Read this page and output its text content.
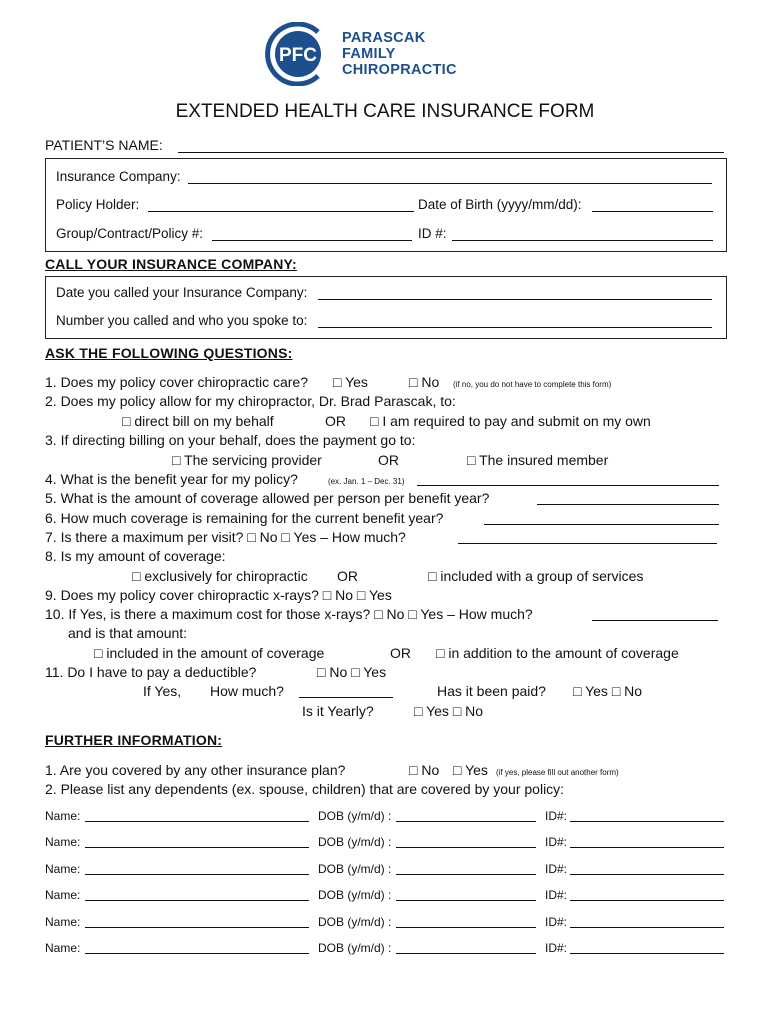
PFC
PARASCAK
FAMILY
CHIROPRACTIC
EXTENDED HEALTH CARE INSURANCE FORM
PATIENT’S NAME:
Insurance Company:
Policy Holder:	Date of Birth (yyyy/mm/dd):
Group/Contract/Policy #:	ID #:
CALL YOUR INSURANCE COMPANY:
Date you called your Insurance Company:
Number you called and who you spoke to:
ASK THE FOLLOWING QUESTIONS:
1. Does my policy cover chiropractic care? □ Yes	□ No (if no, you do not have to complete this form)
2. Does my policy allow for my chiropractor, Dr. Brad Parascak, to:
□ direct bill on my behalf	OR □ I am required to pay and submit on my own
3. If directing billing on your behalf, does the payment go to:
□ The servicing provider	OR	□ The insured member
4. What is the benefit year for my policy?	(ex. Jan. 1 – Dec. 31)
5. What is the amount of coverage allowed per person per benefit year?
6. How much coverage is remaining for the current benefit year?
7. Is there a maximum per visit? □ No □ Yes – How much?
8. Is my amount of coverage:
□ exclusively for chiropractic OR	□ included with a group of services
9. Does my policy cover chiropractic x-rays? □ No □ Yes
10. If Yes, is there a maximum cost for those x-rays? □ No □ Yes – How much?
and is that amount:
□ included in the amount of coverage	OR □ in addition to the amount of coverage
11. Do I have to pay a deductible?	□ No □ Yes
If Yes, How much?	Has it been paid? □ Yes □ No
Is it Yearly?	□ Yes □ No
FURTHER INFORMATION:
1. Are you covered by any other insurance plan?	□ No □ Yes (if yes, please fill out another form)
2. Please list any dependents (ex. spouse, children) that are covered by your policy:
Name:	DOB (y/m/d) :	ID#:
Name:	DOB (y/m/d) :	ID#:
Name:	DOB (y/m/d) :	ID#:
Name:	DOB (y/m/d) :	ID#:
Name:	DOB (y/m/d) :	ID#:
Name:	DOB (y/m/d) :	ID#:
